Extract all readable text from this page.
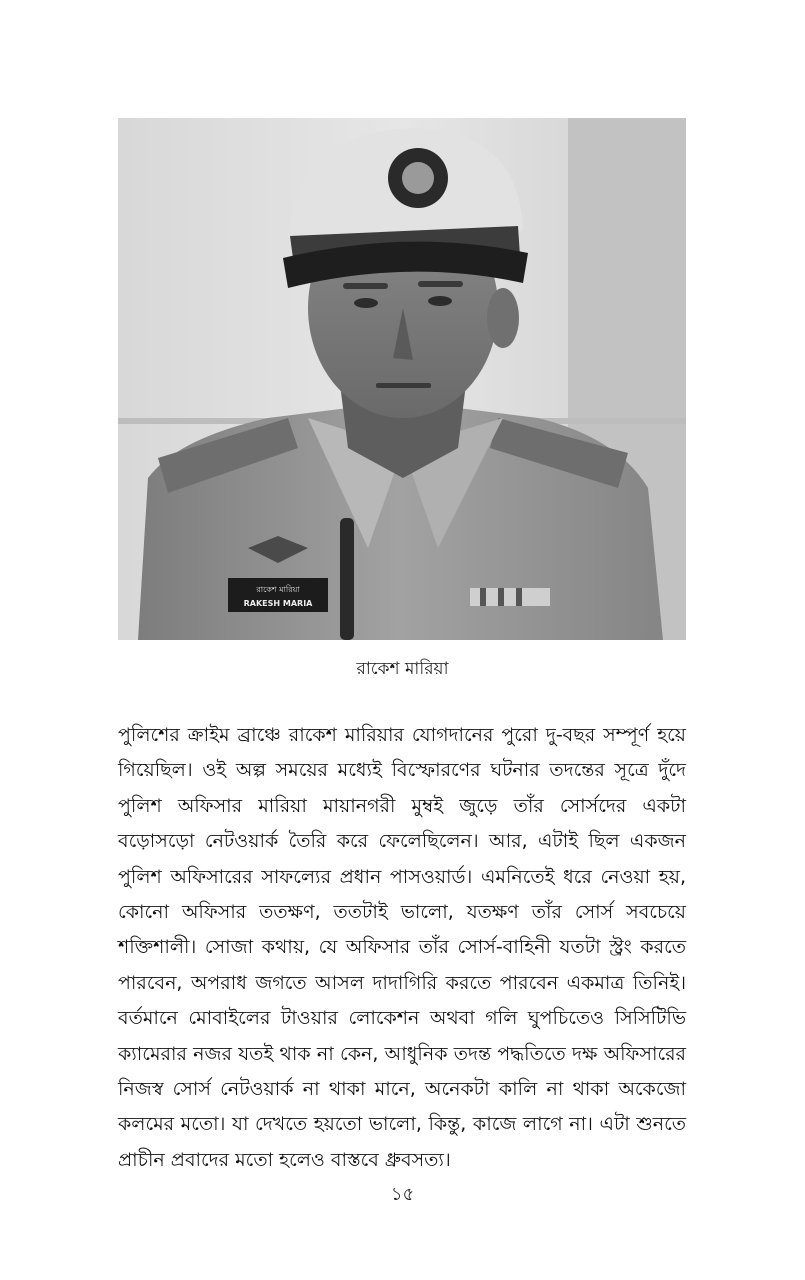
রাকেশ মারিয়া
RAKESH MARIA
রাকেশ মারিয়া

পুলিশের ক্রাইম ব্রাঞ্চে রাকেশ মারিয়ার যোগদানের পুরো দু-বছর সম্পূর্ণ হয়ে গিয়েছিল। ওই অল্প সময়ের মধ্যেই বিস্ফোরণের ঘটনার তদন্তের সূত্রে দুঁদে পুলিশ অফিসার মারিয়া মায়ানগরী মুম্বই জুড়ে তাঁর সোর্সদের একটা বড়োসড়ো নেটওয়ার্ক তৈরি করে ফেলেছিলেন। আর, এটাই ছিল একজন পুলিশ অফিসারের সাফল্যের প্রধান পাসওয়ার্ড। এমনিতেই ধরে নেওয়া হয়, কোনো অফিসার ততক্ষণ, ততটাই ভালো, যতক্ষণ তাঁর সোর্স সবচেয়ে শক্তিশালী। সোজা কথায়, যে অফিসার তাঁর সোর্স-বাহিনী যতটা স্ট্রং করতে পারবেন, অপরাধ জগতে আসল দাদাগিরি করতে পারবেন একমাত্র তিনিই। বর্তমানে মোবাইলের টাওয়ার লোকেশন অথবা গলি ঘুপচিতেও সিসিটিভি ক্যামেরার নজর যতই থাক না কেন, আধুনিক তদন্ত পদ্ধতিতে দক্ষ অফিসারের নিজস্ব সোর্স নেটওয়ার্ক না থাকা মানে, অনেকটা কালি না থাকা অকেজো কলমের মতো। যা দেখতে হয়তো ভালো, কিন্তু, কাজে লাগে না। এটা শুনতে প্রাচীন প্রবাদের মতো হলেও বাস্তবে ধ্রুবসত্য।

১৫
